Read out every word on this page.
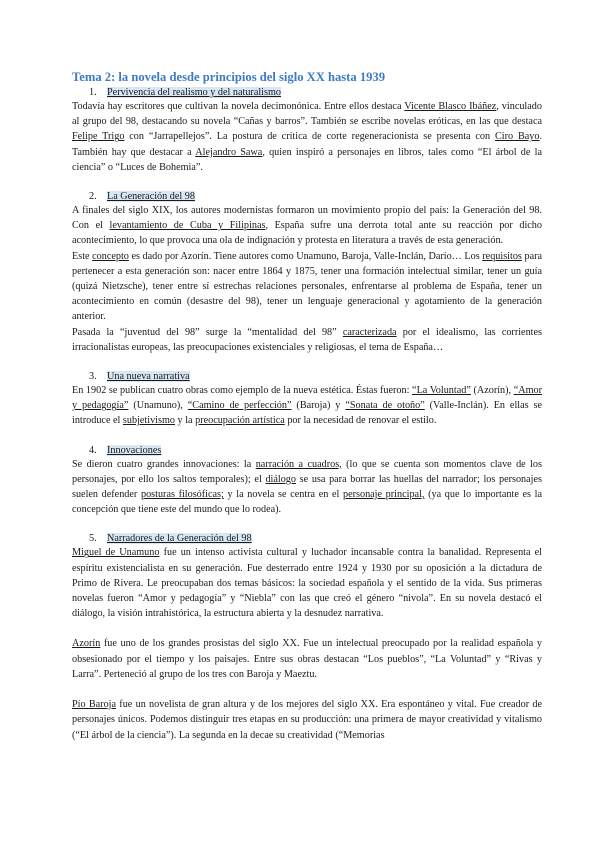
Tema 2: la novela desde principios del siglo XX hasta 1939
1. Pervivencia del realismo y del naturalismo

Todavía hay escritores que cultivan la novela decimonónica. Entre ellos destaca Vicente Blasco Ibáñez, vinculado al grupo del 98, destacando su novela “Cañas y barros”. También se escribe novelas eróticas, en las que destaca Felipe Trigo con “Jarrapellejos”. La postura de crítica de corte regeneracionista se presenta con Ciro Bayo. También hay que destacar a Alejandro Sawa, quien inspiró a personajes en libros, tales como “El árbol de la ciencia” o “Luces de Bohemia”.

2. La Generación del 98

A finales del siglo XIX, los autores modernistas formaron un movimiento propio del país: la Generación del 98. Con el levantamiento de Cuba y Filipinas, España sufre una derrota total ante su reacción por dicho acontecimiento, lo que provoca una ola de indignación y protesta en literatura a través de esta generación.

Este concepto es dado por Azorín. Tiene autores como Unamuno, Baroja, Valle-Inclán, Darío… Los requisitos para pertenecer a esta generación son: nacer entre 1864 y 1875, tener una formación intelectual similar, tener un guía (quizá Nietzsche), tener entre sí estrechas relaciones personales, enfrentarse al problema de España, tener un acontecimiento en común (desastre del 98), tener un lenguaje generacional y agotamiento de la generación anterior.

Pasada la “juventud del 98” surge la “mentalidad del 98” caracterizada por el idealismo, las corrientes irracionalistas europeas, las preocupaciones existenciales y religiosas, el tema de España…

3. Una nueva narrativa

En 1902 se publican cuatro obras como ejemplo de la nueva estética. Éstas fueron: “La Voluntad” (Azorín), “Amor y pedagogía” (Unamuno), “Camino de perfección” (Baroja) y “Sonata de otoño” (Valle-Inclán). En ellas se introduce el subjetivismo y la preocupación artística por la necesidad de renovar el estilo.

4. Innovaciones

Se dieron cuatro grandes innovaciones: la narración a cuadros, (lo que se cuenta son momentos clave de los personajes, por ello los saltos temporales); el diálogo se usa para borrar las huellas del narrador; los personajes suelen defender posturas filosóficas; y la novela se centra en el personaje principal, (ya que lo importante es la concepción que tiene este del mundo que lo rodea).

5. Narradores de la Generación del 98

Miguel de Unamuno fue un intenso activista cultural y luchador incansable contra la banalidad. Representa el espíritu existencialista en su generación. Fue desterrado entre 1924 y 1930 por su oposición a la dictadura de Primo de Rivera. Le preocupaban dos temas básicos: la sociedad española y el sentido de la vida. Sus primeras novelas fueron “Amor y pedagogía” y “Niebla” con las que creó el género “nivola”. En su novela destacó el diálogo, la visión intrahistórica, la estructura abierta y la desnudez narrativa.

Azorín fue uno de los grandes prosistas del siglo XX. Fue un intelectual preocupado por la realidad española y obsesionado por el tiempo y los paisajes. Entre sus obras destacan “Los pueblos”, “La Voluntad” y “Rivas y Larra”. Perteneció al grupo de los tres con Baroja y Maeztu.

Pío Baroja fue un novelista de gran altura y de los mejores del siglo XX. Era espontáneo y vital. Fue creador de personajes únicos. Podemos distinguir tres etapas en su producción: una primera de mayor creatividad y vitalismo (“El árbol de la ciencia”). La segunda en la decae su creatividad (“Memorias
